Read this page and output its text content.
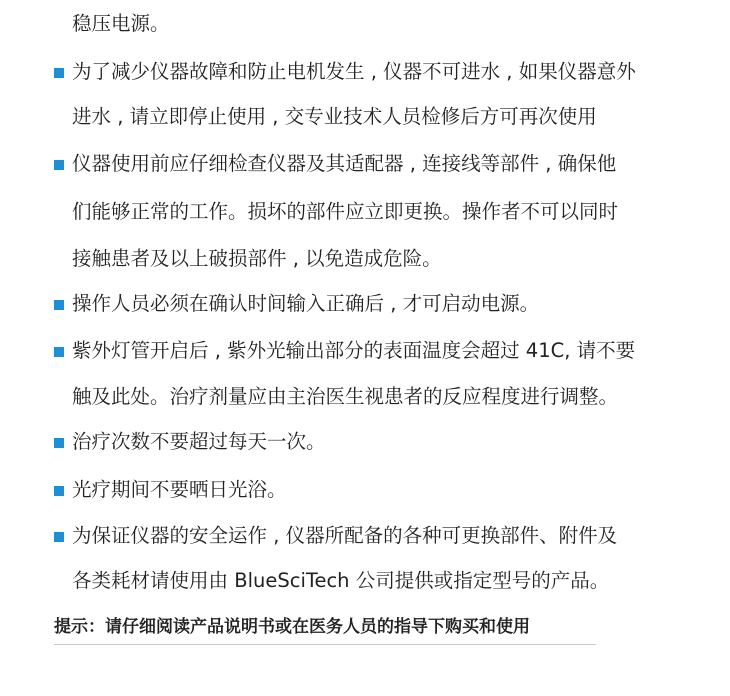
稳压电源。
为了减少仪器故障和防止电机发生 , 仪器不可进水 , 如果仪器意外
进水 , 请立即停止使用 , 交专业技术人员检修后方可再次使用
仪器使用前应仔细检查仪器及其适配器 , 连接线等部件 , 确保他
们能够正常的工作。损坏的部件应立即更换。操作者不可以同时
接触患者及以上破损部件 , 以免造成危险。
操作人员必须在确认时间输入正确后 , 才可启动电源。
紫外灯管开启后 , 紫外光输出部分的表面温度会超过 41C, 请不要
触及此处。治疗剂量应由主治医生视患者的反应程度进行调整。
治疗次数不要超过每天一次。
光疗期间不要晒日光浴。
为保证仪器的安全运作 , 仪器所配备的各种可更换部件、附件及
各类耗材请使用由 BlueSciTech 公司提供或指定型号的产品。
提示：请仔细阅读产品说明书或在医务人员的指导下购买和使用
